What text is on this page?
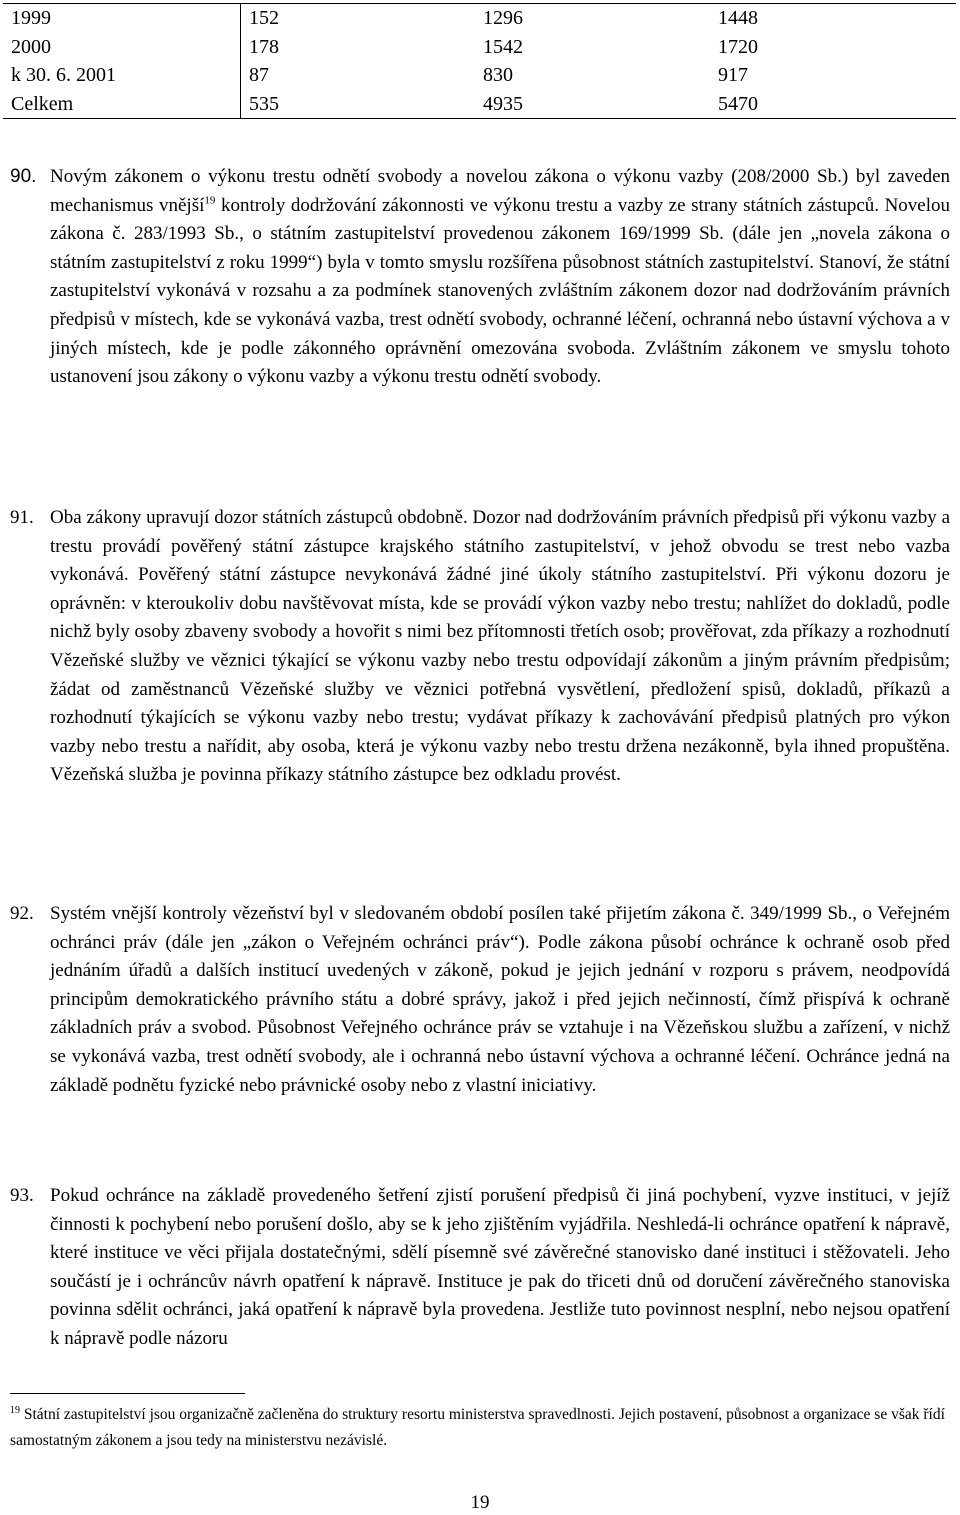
1999	152	1296	1448
2000	178	1542	1720
k 30. 6. 2001	87	830	917
Celkem	535	4935	5470
90. Novým zákonem o výkonu trestu odnětí svobody a novelou zákona o výkonu vazby (208/2000 Sb.) byl zaveden mechanismus vnější$^{19}$ kontroly dodržování zákonnosti ve výkonu trestu a vazby ze strany státních zástupců. Novelou zákona č. 283/1993 Sb., o státním zastupitelství provedenou zákonem 169/1999 Sb. (dále jen „novela zákona o státním zastupitelství z roku 1999“) byla v tomto smyslu rozšířena působnost státních zastupitelství. Stanoví, že státní zastupitelství vykonává v rozsahu a za podmínek stanovených zvláštním zákonem dozor nad dodržováním právních předpisů v místech, kde se vykonává vazba, trest odnětí svobody, ochranné léčení, ochranná nebo ústavní výchova a v jiných místech, kde je podle zákonného oprávnění omezována svoboda. Zvláštním zákonem ve smyslu tohoto ustanovení jsou zákony o výkonu vazby a výkonu trestu odnětí svobody.
91. Oba zákony upravují dozor státních zástupců obdobně. Dozor nad dodržováním právních předpisů při výkonu vazby a trestu provádí pověřený státní zástupce krajského státního zastupitelství, v jehož obvodu se trest nebo vazba vykonává. Pověřený státní zástupce nevykonává žádné jiné úkoly státního zastupitelství. Při výkonu dozoru je oprávněn: v kteroukoliv dobu navštěvovat místa, kde se provádí výkon vazby nebo trestu; nahlížet do dokladů, podle nichž byly osoby zbaveny svobody a hovořit s nimi bez přítomnosti třetích osob; prověřovat, zda příkazy a rozhodnutí Vězeňské služby ve věznici týkající se výkonu vazby nebo trestu odpovídají zákonům a jiným právním předpisům; žádat od zaměstnanců Vězeňské služby ve věznici potřebná vysvětlení, předložení spisů, dokladů, příkazů a rozhodnutí týkajících se výkonu vazby nebo trestu; vydávat příkazy k zachovávání předpisů platných pro výkon vazby nebo trestu a nařídit, aby osoba, která je výkonu vazby nebo trestu držena nezákonně, byla ihned propuštěna. Vězeňská služba je povinna příkazy státního zástupce bez odkladu provést.
92. Systém vnější kontroly vězeňství byl v sledovaném období posílen také přijetím zákona č. 349/1999 Sb., o Veřejném ochránci práv (dále jen „zákon o Veřejném ochránci práv“). Podle zákona působí ochránce k ochraně osob před jednáním úřadů a dalších institucí uvedených v zákoně, pokud je jejich jednání v rozporu s právem, neodpovídá principům demokratického právního státu a dobré správy, jakož i před jejich nečinností, čímž přispívá k ochraně základních práv a svobod. Působnost Veřejného ochránce práv se vztahuje i na Vězeňskou službu a zařízení, v nichž se vykonává vazba, trest odnětí svobody, ale i ochranná nebo ústavní výchova a ochranné léčení. Ochránce jedná na základě podnětu fyzické nebo právnické osoby nebo z vlastní iniciativy.
93. Pokud ochránce na základě provedeného šetření zjistí porušení předpisů či jiná pochybení, vyzve instituci, v jejíž činnosti k pochybení nebo porušení došlo, aby se k jeho zjištěním vyjádřila. Neshledá-li ochránce opatření k nápravě, které instituce ve věci přijala dostatečnými, sdělí písemně své závěrečné stanovisko dané instituci i stěžovateli. Jeho součástí je i ochráncův návrh opatření k nápravě. Instituce je pak do třiceti dnů od doručení závěrečného stanoviska povinna sdělit ochránci, jaká opatření k nápravě byla provedena. Jestliže tuto povinnost nesplní, nebo nejsou opatření k nápravě podle názoru
$^{19}$ Státní zastupitelství jsou organizačně začleněna do struktury resortu ministerstva spravedlnosti. Jejich postavení, působnost a organizace se však řídí samostatným zákonem a jsou tedy na ministerstvu nezávislé.
19
